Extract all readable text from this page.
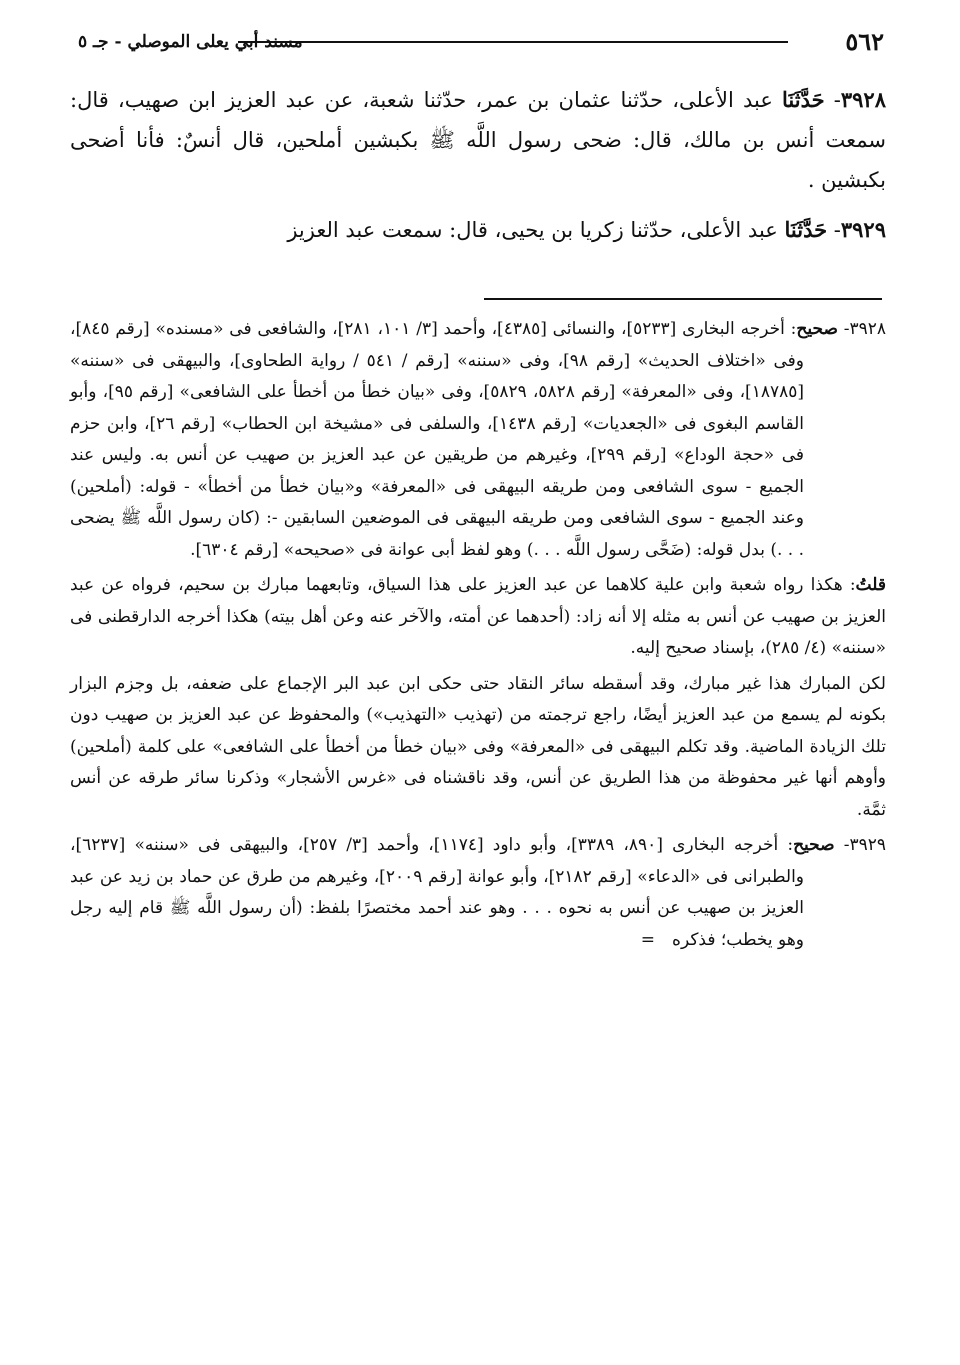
٥٦٢
مسند أبي يعلى الموصلي - جـ ٥

٣٩٢٨- حَدَّثَنَا عبد الأعلى، حدّثنا عثمان بن عمر، حدّثنا شعبة، عن عبد العزيز ابن صهيب، قال: سمعت أنس بن مالك، قال: ضحى رسول اللَّه ﷺ بكبشين أملحين، قال أنسٌ: فأنا أضحى بكبشين .

٣٩٢٩- حَدَّثَنَا عبد الأعلى، حدّثنا زكريا بن يحيى، قال: سمعت عبد العزيز

٣٩٢٨- صحيح: أخرجه البخارى [٥٢٣٣]، والنسائى [٤٣٨٥]، وأحمد [٣/ ١٠١، ٢٨١]، والشافعى فى «مسنده» [رقم ٨٤٥]، وفى «اختلاف الحديث» [رقم ٩٨]، وفى «سننه» [رقم / ٥٤١ / رواية الطحاوى]، والبيهقى فى «سننه» [١٨٧٨٥]، وفى «المعرفة» [رقم ٥٨٢٨، ٥٨٢٩]، وفى «بيان خطأ من أخطأ على الشافعى» [رقم ٩٥]، وأبو القاسم البغوى فى «الجعديات» [رقم ١٤٣٨]، والسلفى فى «مشيخة ابن الحطاب» [رقم ٢٦]، وابن حزم فى «حجة الوداع» [رقم ٢٩٩]، وغيرهم من طريقين عن عبد العزيز بن صهيب عن أنس به. وليس عند الجميع - سوى الشافعى ومن طريقه البيهقى فى «المعرفة» و«بيان خطأ من أخطأ» - قوله: (أملحين) وعند الجميع - سوى الشافعى ومن طريقه البيهقى فى الموضعين السابقين -: (كان رسول اللَّه ﷺ يضحى . . .) بدل قوله: (ضَحَّى رسول اللَّه . . .) وهو لفظ أبى عوانة فى «صحيحه» [رقم ٦٣٠٤].

قلتُ: هكذا رواه شعبة وابن علية كلاهما عن عبد العزيز على هذا السياق، وتابعهما مبارك بن سحيم، فرواه عن عبد العزيز بن صهيب عن أنس به مثله إلا أنه زاد: (أحدهما عن أمته، والآخر عنه وعن أهل بيته) هكذا أخرجه الدارقطنى فى «سننه» (٤/ ٢٨٥)، بإسناد صحيح إليه.

لكن المبارك هذا غير مبارك، وقد أسقطه سائر النقاد حتى حكى ابن عبد البر الإجماع على ضعفه، بل وجزم البزار بكونه لم يسمع من عبد العزيز أيضًا، راجع ترجمته من (تهذيب «التهذيب») والمحفوظ عن عبد العزيز بن صهيب دون تلك الزيادة الماضية. وقد تكلم البيهقى فى «المعرفة» وفى «بيان خطأ من أخطأ على الشافعى» على كلمة (أملحين) وأوهم أنها غير محفوظة من هذا الطريق عن أنس، وقد ناقشناه فى «غرس الأشجار» وذكرنا سائر طرقه عن أنس ثمَّة.

٣٩٢٩- صحيح: أخرجه البخارى [٨٩٠، ٣٣٨٩]، وأبو داود [١١٧٤]، وأحمد [٣/ ٢٥٧]، والبيهقى فى «سننه» [٦٢٣٧]، والطبرانى فى «الدعاء» [رقم ٢١٨٢]، وأبو عوانة [رقم ٢٠٠٩]، وغيرهم من طرق عن حماد بن زيد عن عبد العزيز بن صهيب عن أنس به نحوه . . . وهو عند أحمد مختصرًا بلفظ: (أن رسول اللَّه ﷺ قام إليه رجل وهو يخطب؛ فذكره =
